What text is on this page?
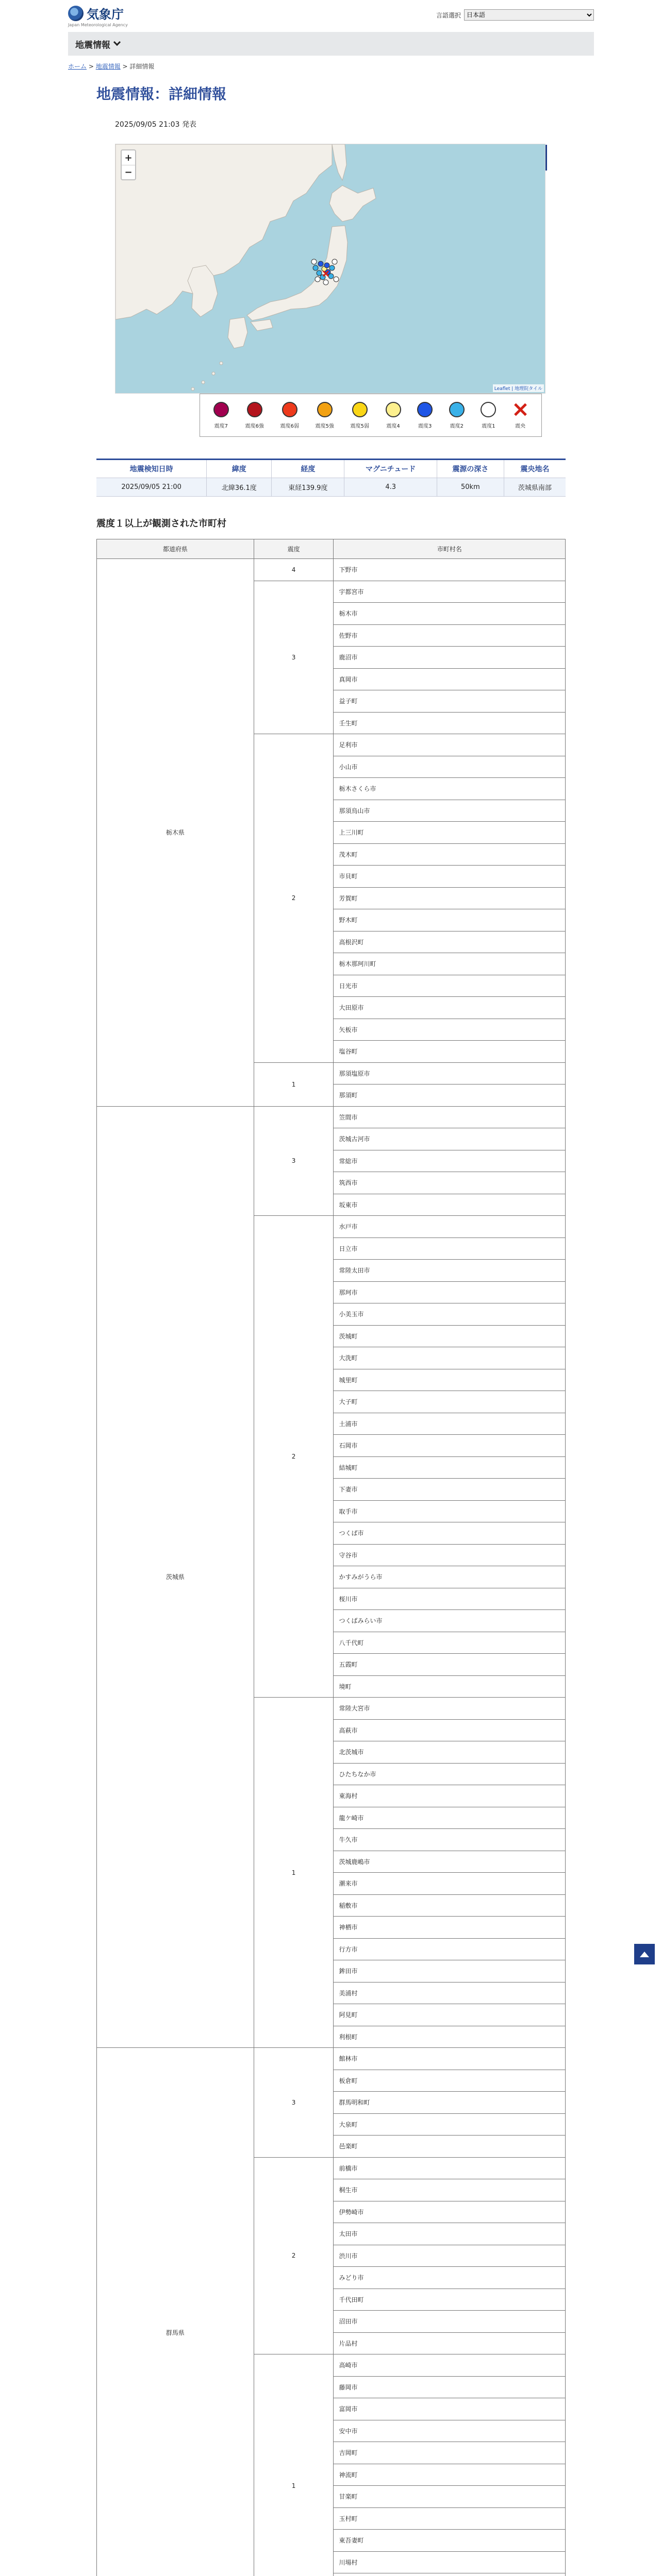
気象庁
Japan Meteorological Agency
言語選択
日本語
地震情報
ホーム > 地震情報 > 詳細情報
地震情報：詳細情報
2025/09/05 21:03 発表
+
−
Leaflet | 地理院タイル
震度7	震度6強	震度6弱	震度5強	震度5弱	震度4	震度3	震度2	震度1	震央
地震検知日時	緯度	経度	マグニチュード	震源の深さ	震央地名
2025/09/05 21:00	北緯36.1度	東経139.9度	4.3	50km	茨城県南部
震度１以上が観測された市町村
都道府県	震度	市町村名
栃木県	4	下野市
	3	宇都宮市
		栃木市
		佐野市
		鹿沼市
		真岡市
		益子町
		壬生町
	2	足利市
		小山市
		栃木さくら市
		那須烏山市
		上三川町
		茂木町
		市貝町
		芳賀町
		野木町
		高根沢町
		栃木那珂川町
		日光市
		大田原市
		矢板市
		塩谷町
	1	那須塩原市
		那須町
茨城県	3	笠間市
		茨城古河市
		常総市
		筑西市
		坂東市
	2	水戸市
		日立市
		常陸太田市
		那珂市
		小美玉市
		茨城町
		大洗町
		城里町
		大子町
		土浦市
		石岡市
		結城町
		下妻市
		取手市
		つくば市
		守谷市
		かすみがうら市
		桜川市
		つくばみらい市
		八千代町
		五霞町
		境町
	1	常陸大宮市
		高萩市
		北茨城市
		ひたちなか市
		東海村
		龍ケ崎市
		牛久市
		茨城鹿嶋市
		潮来市
		稲敷市
		神栖市
		行方市
		鉾田市
		美浦村
		阿見町
		利根町
群馬県	3	館林市
		板倉町
		群馬明和町
		大泉町
		邑楽町
	2	前橋市
		桐生市
		伊勢崎市
		太田市
		渋川市
		みどり市
		千代田町
		沼田市
		片品村
	1	高崎市
		藤岡市
		富岡市
		安中市
		吉岡町
		神流町
		甘楽町
		玉村町
		東吾妻町
		川場村
